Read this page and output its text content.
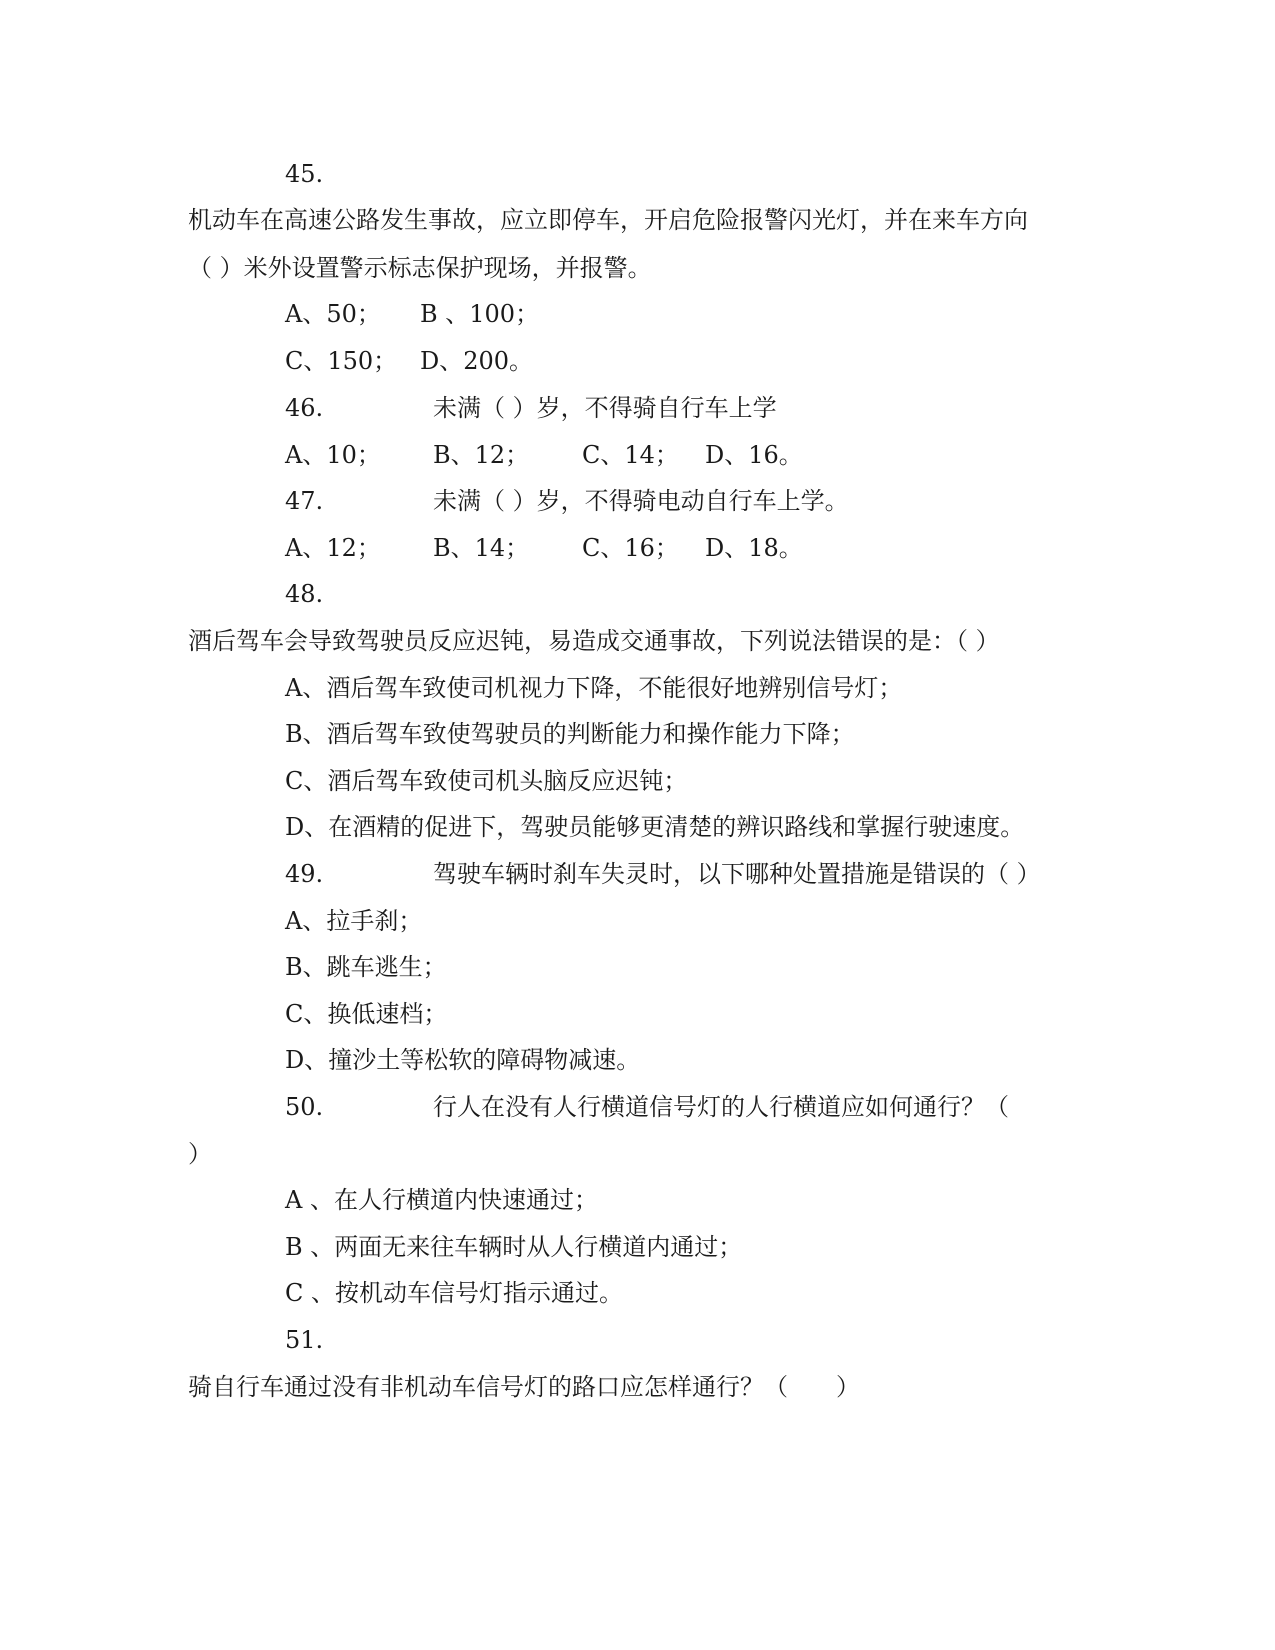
45.
机动车在高速公路发生事故，应立即停车，开启危险报警闪光灯，并在来车方向
（ ）米外设置警示标志保护现场，并报警。
A、50； B 、100；
C、150； D、200。
46.	未满（ ）岁，不得骑自行车上学
A、10； B、12； C、14； D、16。
47.	未满（ ）岁，不得骑电动自行车上学。
A、12； B、14； C、16； D、18。
48.
酒后驾车会导致驾驶员反应迟钝，易造成交通事故，下列说法错误的是：（ ）
A、酒后驾车致使司机视力下降，不能很好地辨别信号灯；
B、酒后驾车致使驾驶员的判断能力和操作能力下降；
C、酒后驾车致使司机头脑反应迟钝；
D、在酒精的促进下，驾驶员能够更清楚的辨识路线和掌握行驶速度。
49.	驾驶车辆时刹车失灵时，以下哪种处置措施是错误的（ ）
A、拉手刹；
B、跳车逃生；
C、换低速档；
D、撞沙土等松软的障碍物减速。
50.	行人在没有人行横道信号灯的人行横道应如何通行？（
）
A 、在人行横道内快速通过；
B 、两面无来往车辆时从人行横道内通过；
C 、按机动车信号灯指示通过。
51.
骑自行车通过没有非机动车信号灯的路口应怎样通行？（　　）
